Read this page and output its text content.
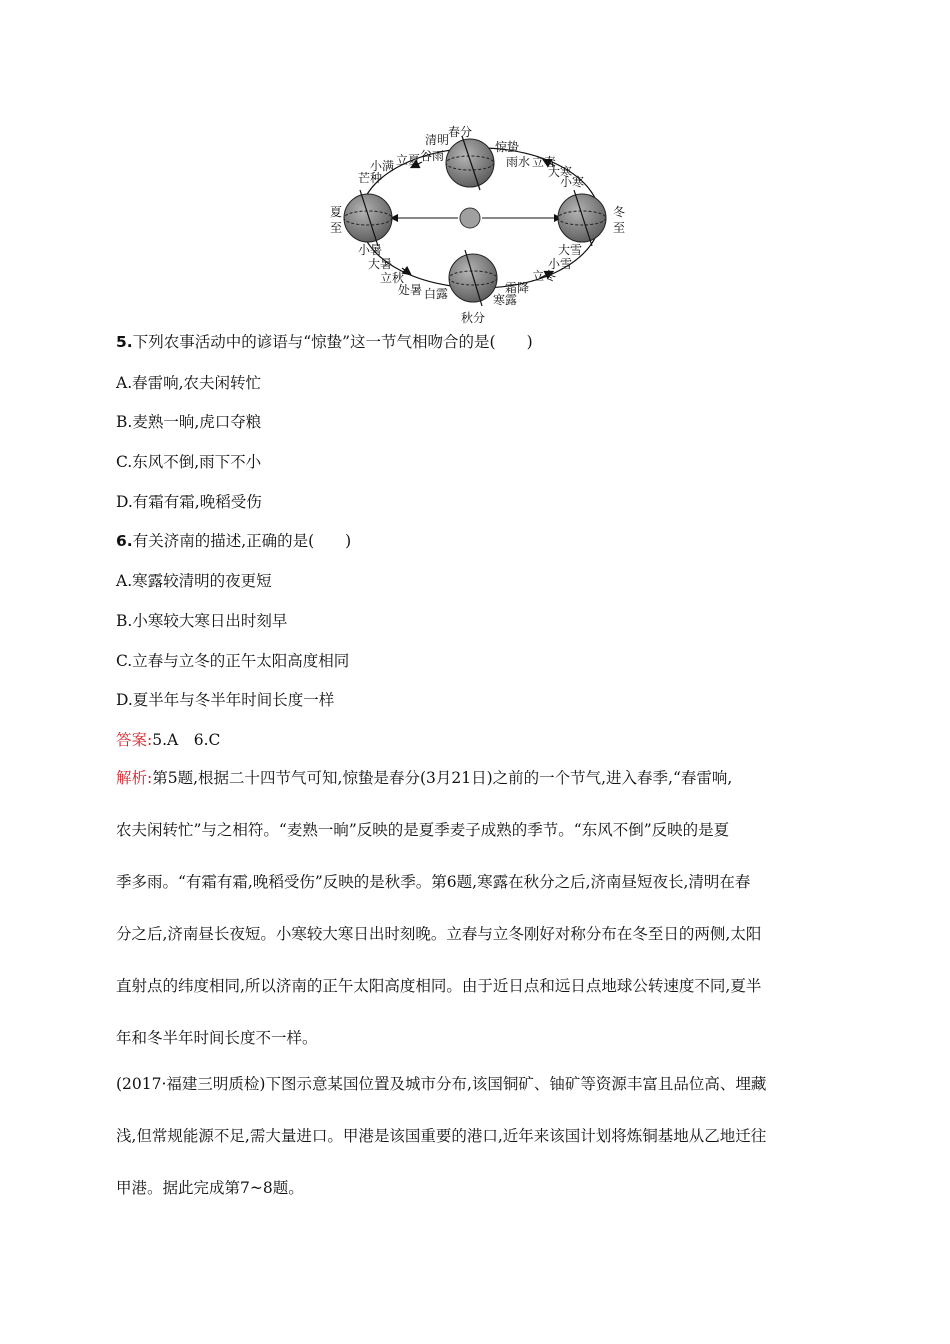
春分
清明	惊蛰
小满 立夏 谷雨	雨水 立春
大寒
小寒
芒种
夏
至
冬
至
小暑
大暑
立秋
处暑 白露
秋分
寒露
霜降
立冬
小雪
大雪
5.下列农事活动中的谚语与“惊蛰”这一节气相吻合的是(　　)
A.春雷响,农夫闲转忙
B.麦熟一晌,虎口夺粮
C.东风不倒,雨下不小
D.有霜有霜,晚稻受伤
6.有关济南的描述,正确的是(　　)
A.寒露较清明的夜更短
B.小寒较大寒日出时刻早
C.立春与立冬的正午太阳高度相同
D.夏半年与冬半年时间长度一样
答案:5.A　6.C
解析:第5题,根据二十四节气可知,惊蛰是春分(3月21日)之前的一个节气,进入春季,“春雷响,
农夫闲转忙”与之相符。“麦熟一晌”反映的是夏季麦子成熟的季节。“东风不倒”反映的是夏
季多雨。“有霜有霜,晚稻受伤”反映的是秋季。第6题,寒露在秋分之后,济南昼短夜长,清明在春
分之后,济南昼长夜短。小寒较大寒日出时刻晚。立春与立冬刚好对称分布在冬至日的两侧,太阳
直射点的纬度相同,所以济南的正午太阳高度相同。由于近日点和远日点地球公转速度不同,夏半
年和冬半年时间长度不一样。
(2017·福建三明质检)下图示意某国位置及城市分布,该国铜矿、铀矿等资源丰富且品位高、埋藏
浅,但常规能源不足,需大量进口。甲港是该国重要的港口,近年来该国计划将炼铜基地从乙地迁往
甲港。据此完成第7~8题。
